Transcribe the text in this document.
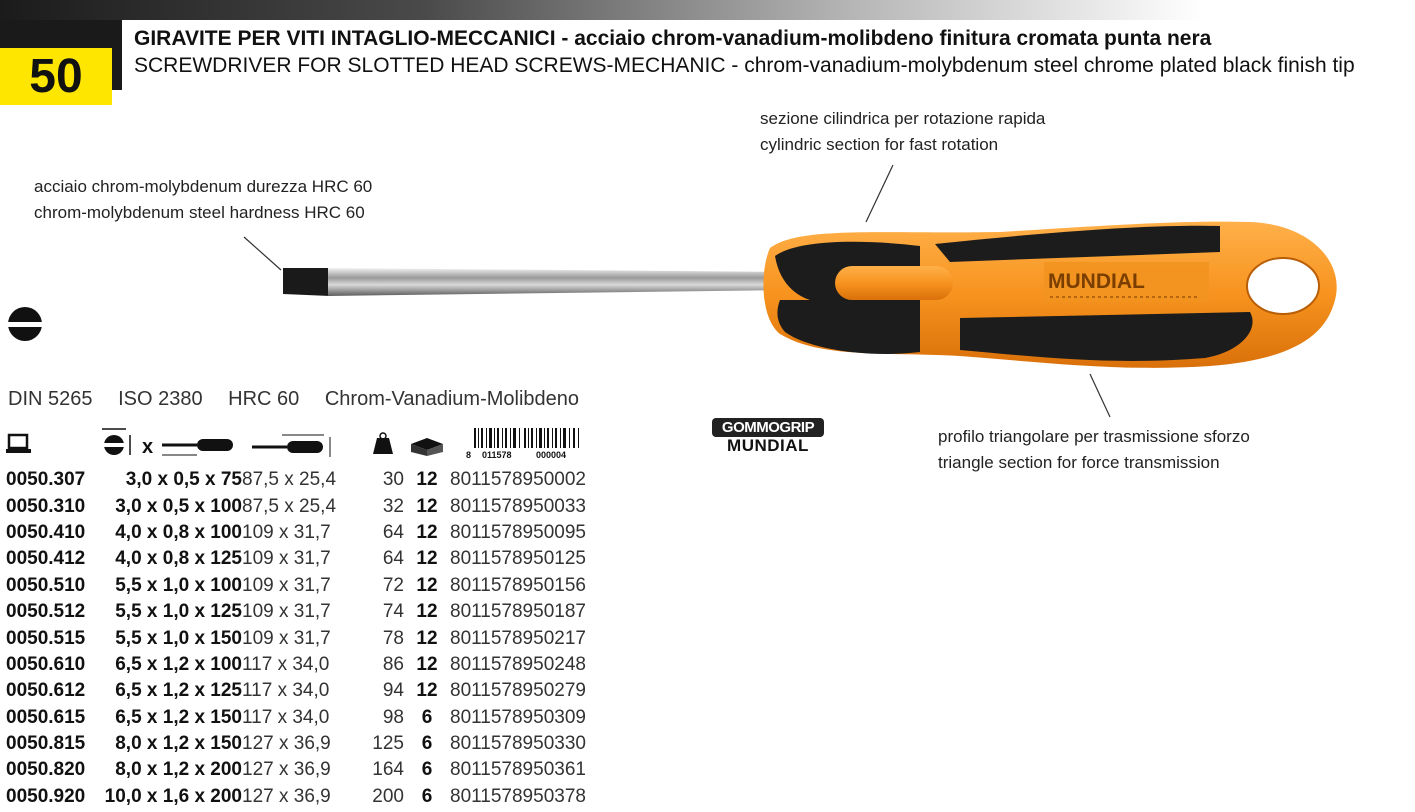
50
GIRAVITE PER VITI INTAGLIO-MECCANICI - acciaio chrom-vanadium-molibdeno finitura cromata punta nera
SCREWDRIVER FOR SLOTTED HEAD SCREWS-MECHANIC - chrom-vanadium-molybdenum steel chrome plated black finish tip
sezione cilindrica per rotazione rapida
cylindric section for fast rotation
acciaio chrom-molybdenum durezza HRC 60
chrom-molybdenum steel hardness HRC 60
profilo triangolare per trasmissione sforzo
triangle section for force transmission
MUNDIAL
DIN 5265 ISO 2380 HRC 60 Chrom-Vanadium-Molibdeno
GOMMOGRIP
MUNDIAL

x				8 011578 000004

0050.307	3,0 x 0,5 x 75	87,5 x 25,4	30	12	8011578950002
0050.310	3,0 x 0,5 x 100	87,5 x 25,4	32	12	8011578950033
0050.410	4,0 x 0,8 x 100	109 x 31,7	64	12	8011578950095
0050.412	4,0 x 0,8 x 125	109 x 31,7	64	12	8011578950125
0050.510	5,5 x 1,0 x 100	109 x 31,7	72	12	8011578950156
0050.512	5,5 x 1,0 x 125	109 x 31,7	74	12	8011578950187
0050.515	5,5 x 1,0 x 150	109 x 31,7	78	12	8011578950217
0050.610	6,5 x 1,2 x 100	117 x 34,0	86	12	8011578950248
0050.612	6,5 x 1,2 x 125	117 x 34,0	94	12	8011578950279
0050.615	6,5 x 1,2 x 150	117 x 34,0	98	6	8011578950309
0050.815	8,0 x 1,2 x 150	127 x 36,9	125	6	8011578950330
0050.820	8,0 x 1,2 x 200	127 x 36,9	164	6	8011578950361
0050.920	10,0 x 1,6 x 200	127 x 36,9	200	6	8011578950378
